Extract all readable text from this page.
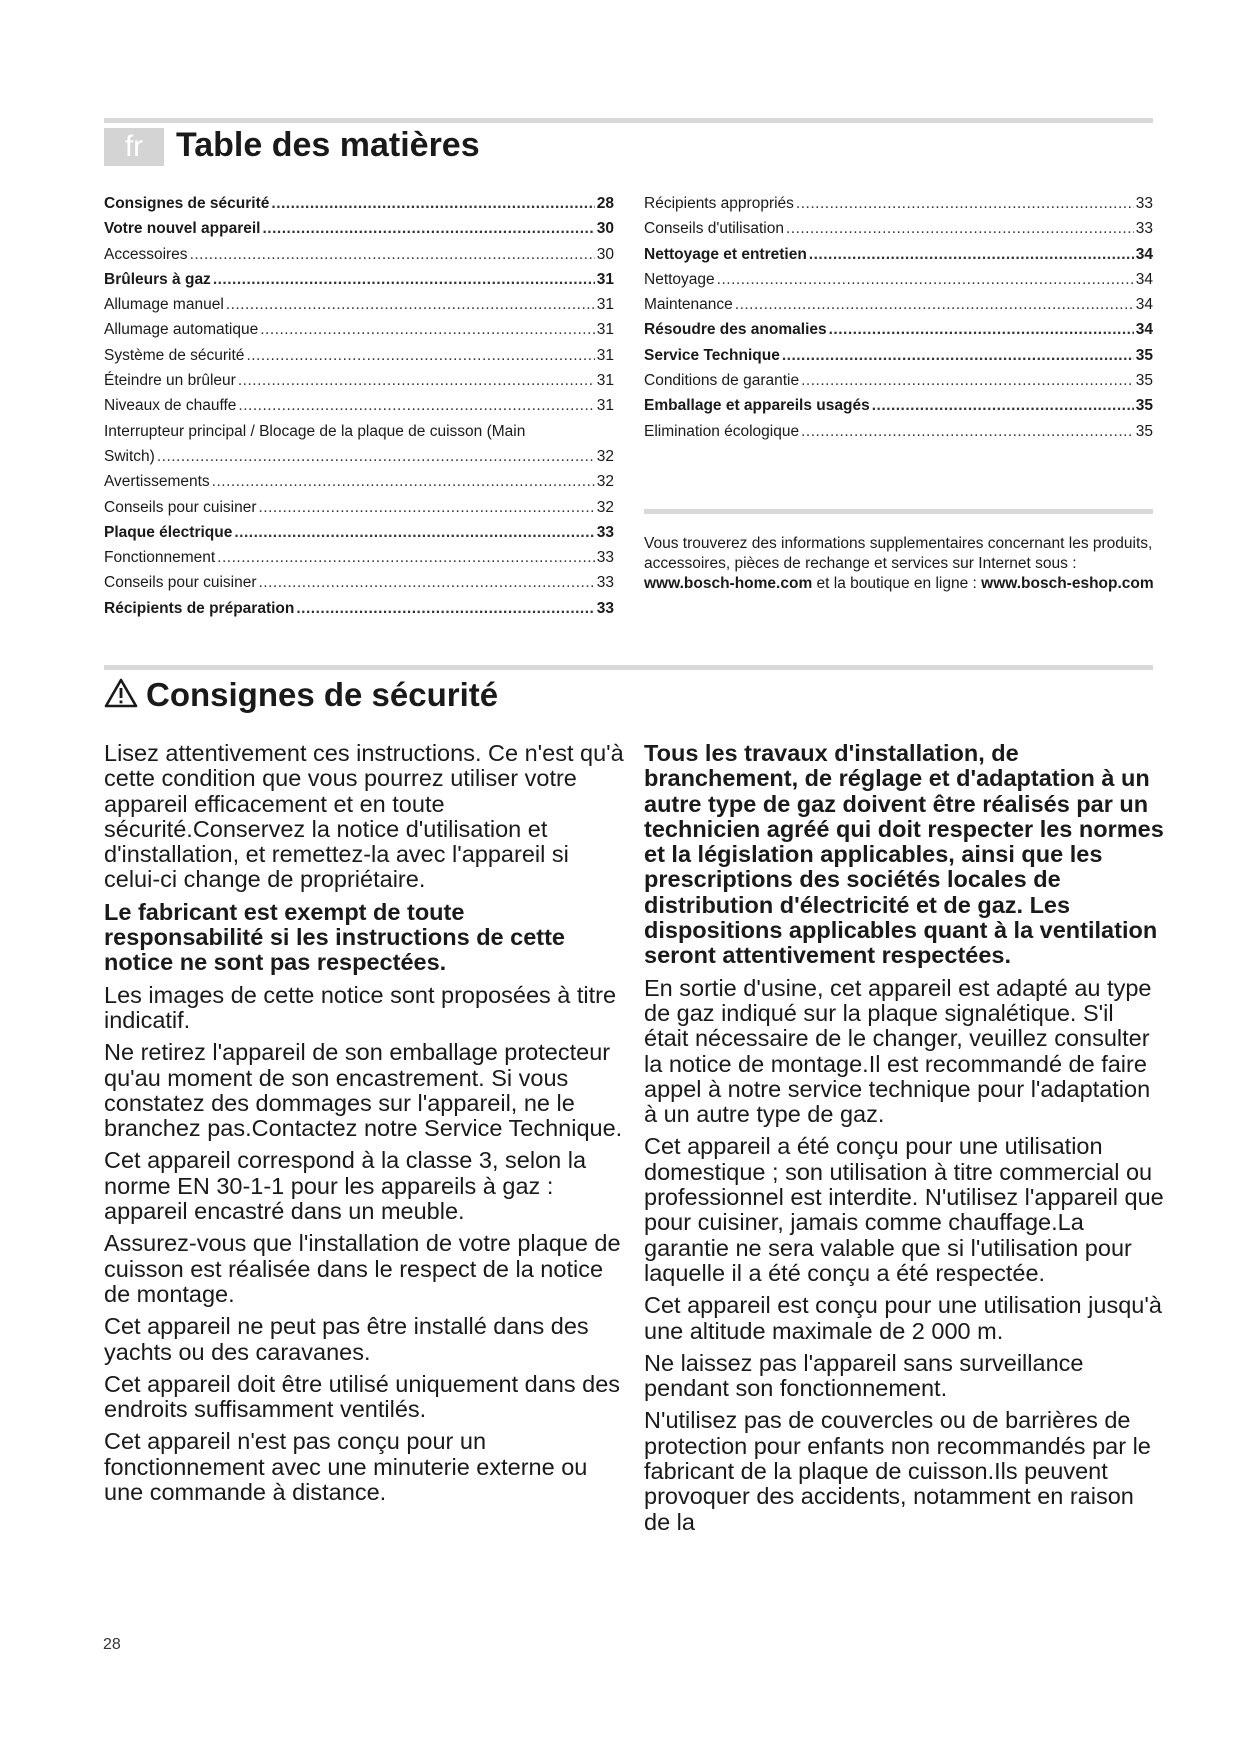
fr Table des matières
Consignes de sécurité .....	28
Votre nouvel appareil .....	30
Accessoires .....	30
Brûleurs à gaz .....	31
Allumage manuel .....	31
Allumage automatique .....	31
Système de sécurité .....	31
Éteindre un brûleur .....	31
Niveaux de chauffe .....	31
Interrupteur principal / Blocage de la plaque de cuisson (Main
Switch) .....	32
Avertissements .....	32
Conseils pour cuisiner .....	32
Plaque électrique .....	33
Fonctionnement .....	33
Conseils pour cuisiner .....	33
Récipients de préparation .....	33
Récipients appropriés .....	33
Conseils d'utilisation .....	33
Nettoyage et entretien .....	34
Nettoyage .....	34
Maintenance .....	34
Résoudre des anomalies .....	34
Service Technique .....	35
Conditions de garantie .....	35
Emballage et appareils usagés .....	35
Elimination écologique .....	35
Vous trouverez des informations supplementaires concernant les produits, accessoires, pièces de rechange et services sur Internet sous : www.bosch-home.com et la boutique en ligne : www.bosch-eshop.com
Consignes de sécurité

Lisez attentivement ces instructions. Ce n'est qu'à cette condition que vous pourrez utiliser votre appareil efficacement et en toute sécurité.Conservez la notice d'utilisation et d'installation, et remettez-la avec l'appareil si celui-ci change de propriétaire.

Le fabricant est exempt de toute responsabilité si les instructions de cette notice ne sont pas respectées.

Les images de cette notice sont proposées à titre indicatif.

Ne retirez l'appareil de son emballage protecteur qu'au moment de son encastrement. Si vous constatez des dommages sur l'appareil, ne le branchez pas.Contactez notre Service Technique.

Cet appareil correspond à la classe 3, selon la norme EN 30-1-1 pour les appareils à gaz : appareil encastré dans un meuble.

Assurez-vous que l'installation de votre plaque de cuisson est réalisée dans le respect de la notice de montage.

Cet appareil ne peut pas être installé dans des yachts ou des caravanes.

Cet appareil doit être utilisé uniquement dans des endroits suffisamment ventilés.

Cet appareil n'est pas conçu pour un fonctionnement avec une minuterie externe ou une commande à distance.

Tous les travaux d'installation, de branchement, de réglage et d'adaptation à un autre type de gaz doivent être réalisés par un technicien agréé qui doit respecter les normes et la législation applicables, ainsi que les prescriptions des sociétés locales de distribution d'électricité et de gaz. Les dispositions applicables quant à la ventilation seront attentivement respectées.

En sortie d'usine, cet appareil est adapté au type de gaz indiqué sur la plaque signalétique. S'il était nécessaire de le changer, veuillez consulter la notice de montage.Il est recommandé de faire appel à notre service technique pour l'adaptation à un autre type de gaz.

Cet appareil a été conçu pour une utilisation domestique ; son utilisation à titre commercial ou professionnel est interdite. N'utilisez l'appareil que pour cuisiner, jamais comme chauffage.La garantie ne sera valable que si l'utilisation pour laquelle il a été conçu a été respectée.

Cet appareil est conçu pour une utilisation jusqu'à une altitude maximale de 2 000 m.

Ne laissez pas l'appareil sans surveillance pendant son fonctionnement.

N'utilisez pas de couvercles ou de barrières de protection pour enfants non recommandés par le fabricant de la plaque de cuisson.Ils peuvent provoquer des accidents, notamment en raison de la

28
